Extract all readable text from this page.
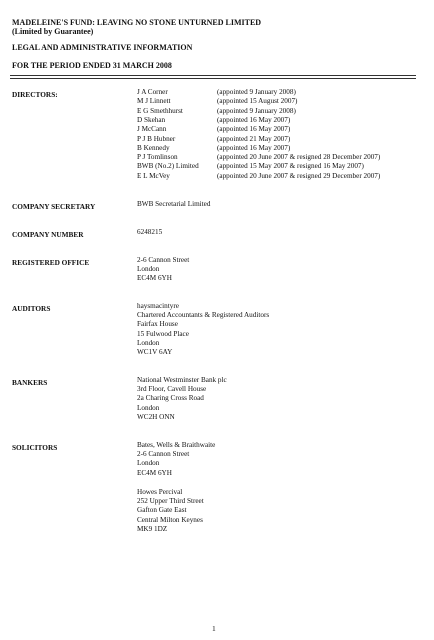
MADELEINE'S FUND: LEAVING NO STONE UNTURNED LIMITED
(Limited by Guarantee)
LEGAL AND ADMINISTRATIVE INFORMATION
FOR THE PERIOD ENDED 31 MARCH 2008
DIRECTORS:	J A Corner	(appointed 9 January 2008)
M J Linnett	(appointed 15 August 2007)
E G Smethhurst	(appointed 9 January 2008)
D Skehan	(appointed 16 May 2007)
J McCann	(appointed 16 May 2007)
P J B Hubner	(appointed 21 May 2007)
B Kennedy	(appointed 16 May 2007)
P J Tomlinson	(appointed 20 June 2007 & resigned 28 December 2007)
BWB (No.2) Limited	(appointed 15 May 2007 & resigned 16 May 2007)
E L McVey	(appointed 20 June 2007 & resigned 29 December 2007)
COMPANY SECRETARY	BWB Secretarial Limited
COMPANY NUMBER	6248215
REGISTERED OFFICE	2-6 Cannon Street
London
EC4M 6YH
AUDITORS	haysmacintyre
Chartered Accountants & Registered Auditors
Fairfax House
15 Fulwood Place
London
WC1V 6AY
BANKERS	National Westminster Bank plc
3rd Floor, Cavell House
2a Charing Cross Road
London
WC2H ONN
SOLICITORS	Bates, Wells & Braithwaite
2-6 Cannon Street
London
EC4M 6YH
Howes Percival
252 Upper Third Street
Gafton Gate East
Central Milton Keynes
MK9 1DZ
1
